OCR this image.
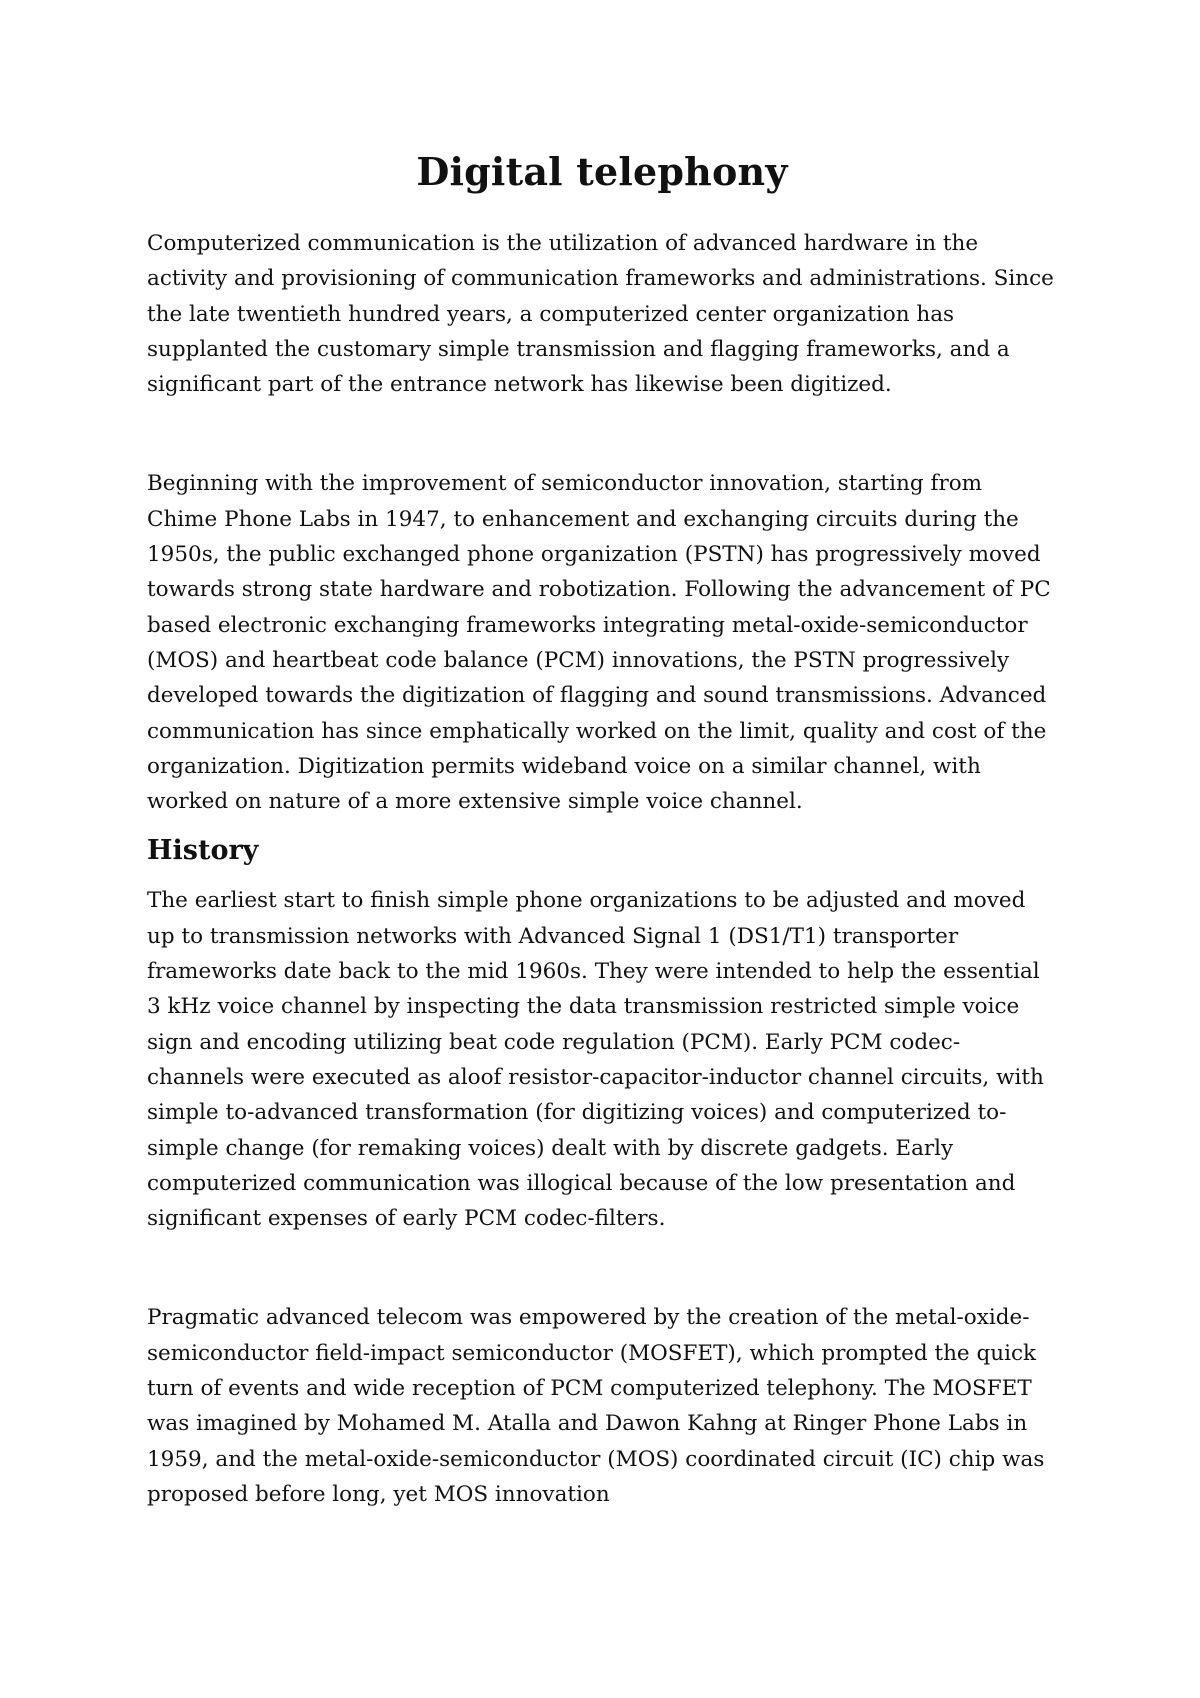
Digital telephony

Computerized communication is the utilization of advanced hardware in the activity and provisioning of communication frameworks and administrations. Since the late twentieth hundred years, a computerized center organization has supplanted the customary simple transmission and flagging frameworks, and a significant part of the entrance network has likewise been digitized.

Beginning with the improvement of semiconductor innovation, starting from Chime Phone Labs in 1947, to enhancement and exchanging circuits during the 1950s, the public exchanged phone organization (PSTN) has progressively moved towards strong state hardware and robotization. Following the advancement of PC based electronic exchanging frameworks integrating metal-oxide-semiconductor (MOS) and heartbeat code balance (PCM) innovations, the PSTN progressively developed towards the digitization of flagging and sound transmissions. Advanced communication has since emphatically worked on the limit, quality and cost of the organization. Digitization permits wideband voice on a similar channel, with worked on nature of a more extensive simple voice channel.

History

The earliest start to finish simple phone organizations to be adjusted and moved up to transmission networks with Advanced Signal 1 (DS1/T1) transporter frameworks date back to the mid 1960s. They were intended to help the essential 3 kHz voice channel by inspecting the data transmission restricted simple voice sign and encoding utilizing beat code regulation (PCM). Early PCM codec-channels were executed as aloof resistor-capacitor-inductor channel circuits, with simple to-advanced transformation (for digitizing voices) and computerized to-simple change (for remaking voices) dealt with by discrete gadgets. Early computerized communication was illogical because of the low presentation and significant expenses of early PCM codec-filters.

Pragmatic advanced telecom was empowered by the creation of the metal-oxide-semiconductor field-impact semiconductor (MOSFET), which prompted the quick turn of events and wide reception of PCM computerized telephony. The MOSFET was imagined by Mohamed M. Atalla and Dawon Kahng at Ringer Phone Labs in 1959, and the metal-oxide-semiconductor (MOS) coordinated circuit (IC) chip was proposed before long, yet MOS innovation
